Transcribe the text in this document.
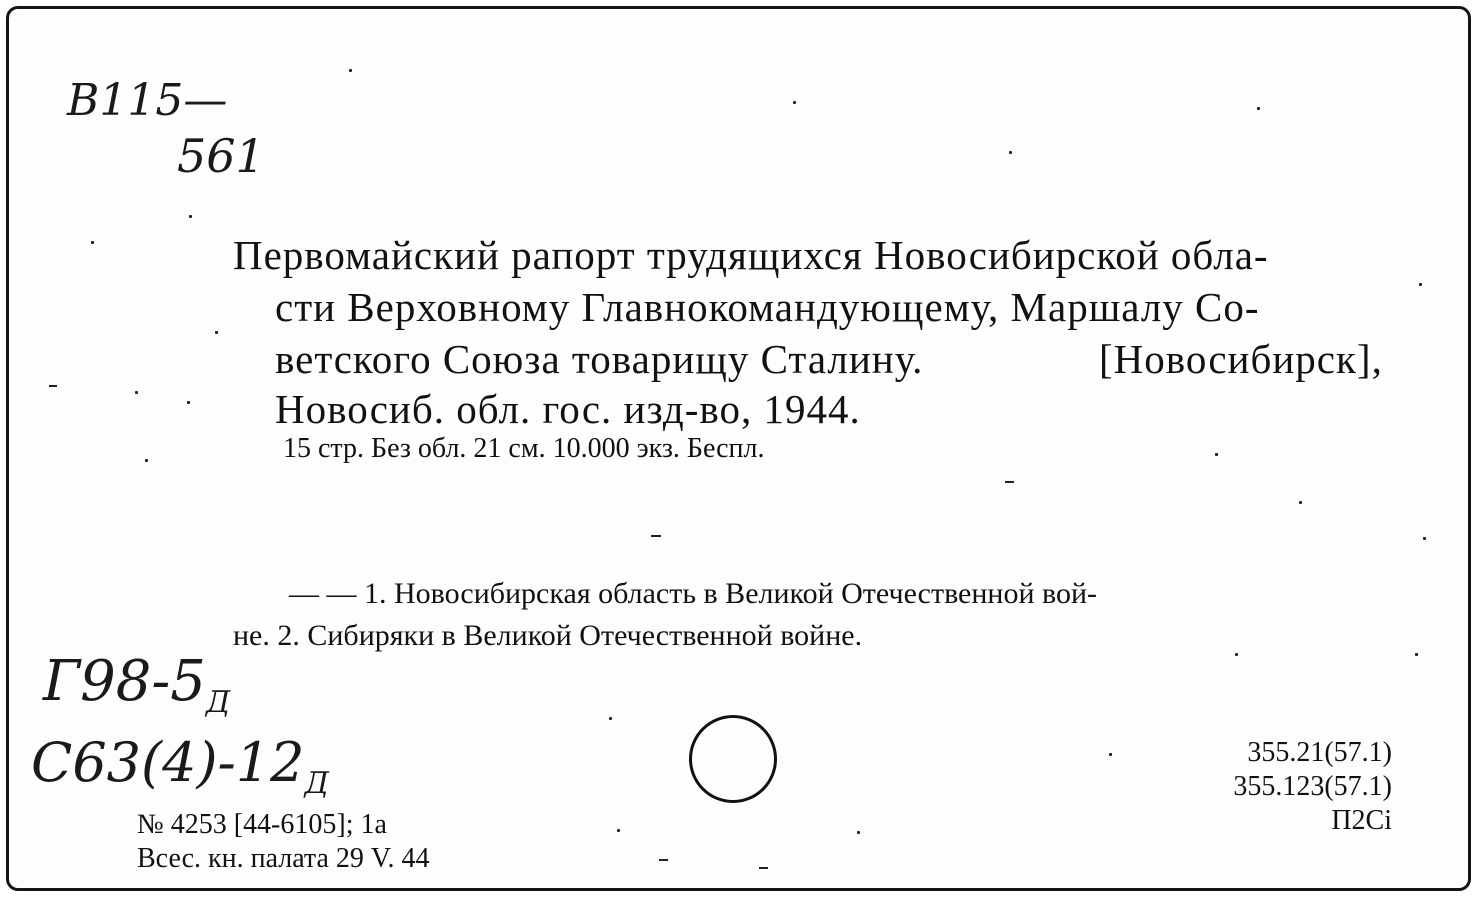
В115—
561
Первомайский рапорт трудящихся Новосибирской обла-
сти Верховному Главнокомандующему, Маршалу Со-
ветского Союза товарищу Сталину.	[Новосибирск],
Новосиб. обл. гос. изд-во, 1944.
15 стр. Без обл. 21 см. 10.000 экз. Беспл.
— — 1. Новосибирская область в Великой Отечественной вой-
не. 2. Сибиряки в Великой Отечественной войне.
$Г98-5_Д$
$С63(4)-12_Д$
№ 4253 [44-6105]; 1а
Всес. кн. палата 29 V. 44
355.21(57.1)
355.123(57.1)
П2Сi
